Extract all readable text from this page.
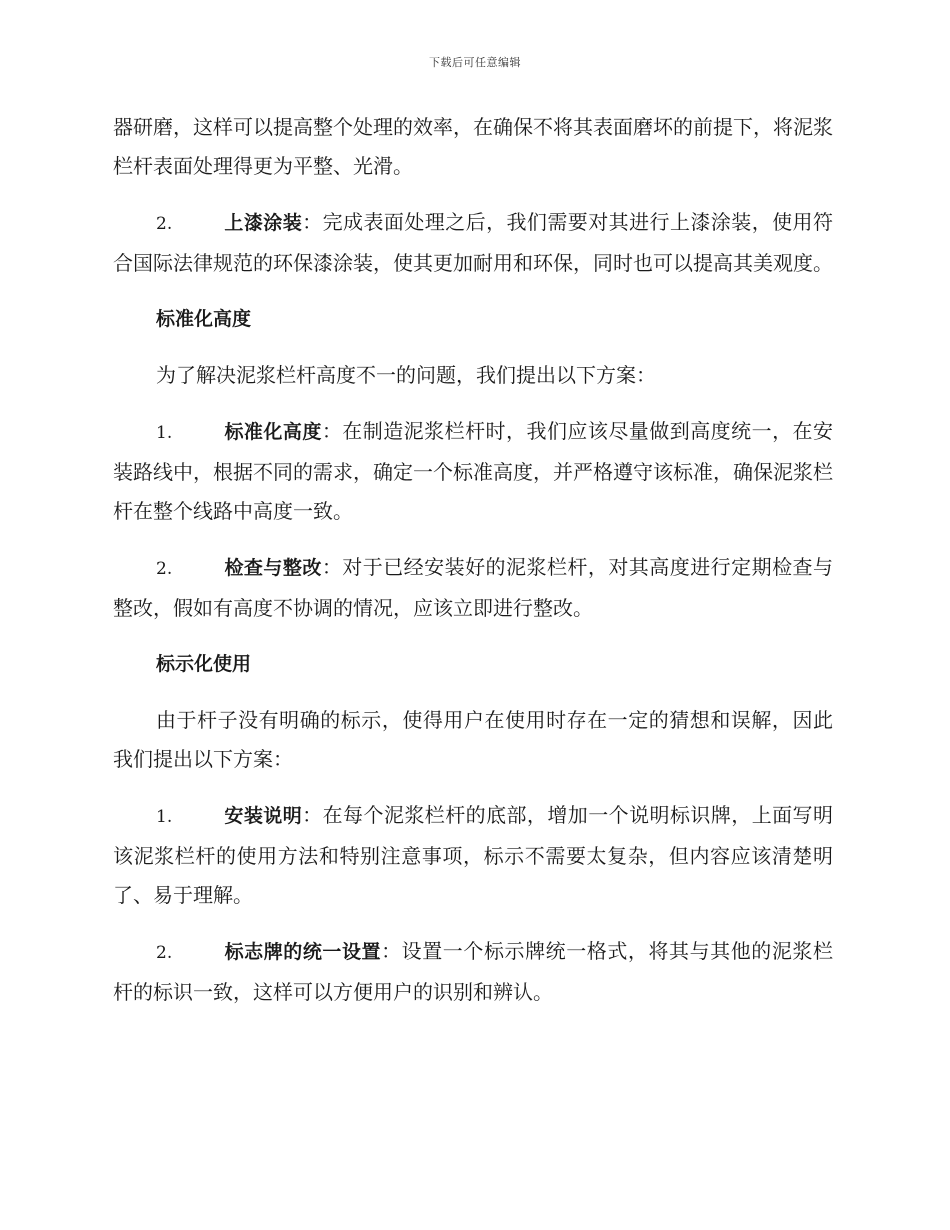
下载后可任意编辑

器研磨，这样可以提高整个处理的效率，在确保不将其表面磨坏的前提下，将泥浆栏杆表面处理得更为平整、光滑。

2.	上漆涂装：完成表面处理之后，我们需要对其进行上漆涂装，使用符合国际法律规范的环保漆涂装，使其更加耐用和环保，同时也可以提高其美观度。

标准化高度

为了解决泥浆栏杆高度不一的问题，我们提出以下方案：

1.	标准化高度：在制造泥浆栏杆时，我们应该尽量做到高度统一，在安装路线中，根据不同的需求，确定一个标准高度，并严格遵守该标准，确保泥浆栏杆在整个线路中高度一致。

2.	检查与整改：对于已经安装好的泥浆栏杆，对其高度进行定期检查与整改，假如有高度不协调的情况，应该立即进行整改。

标示化使用

由于杆子没有明确的标示，使得用户在使用时存在一定的猜想和误解，因此我们提出以下方案：

1.	安装说明：在每个泥浆栏杆的底部，增加一个说明标识牌，上面写明该泥浆栏杆的使用方法和特别注意事项，标示不需要太复杂，但内容应该清楚明了、易于理解。

2.	标志牌的统一设置：设置一个标示牌统一格式，将其与其他的泥浆栏杆的标识一致，这样可以方便用户的识别和辨认。
